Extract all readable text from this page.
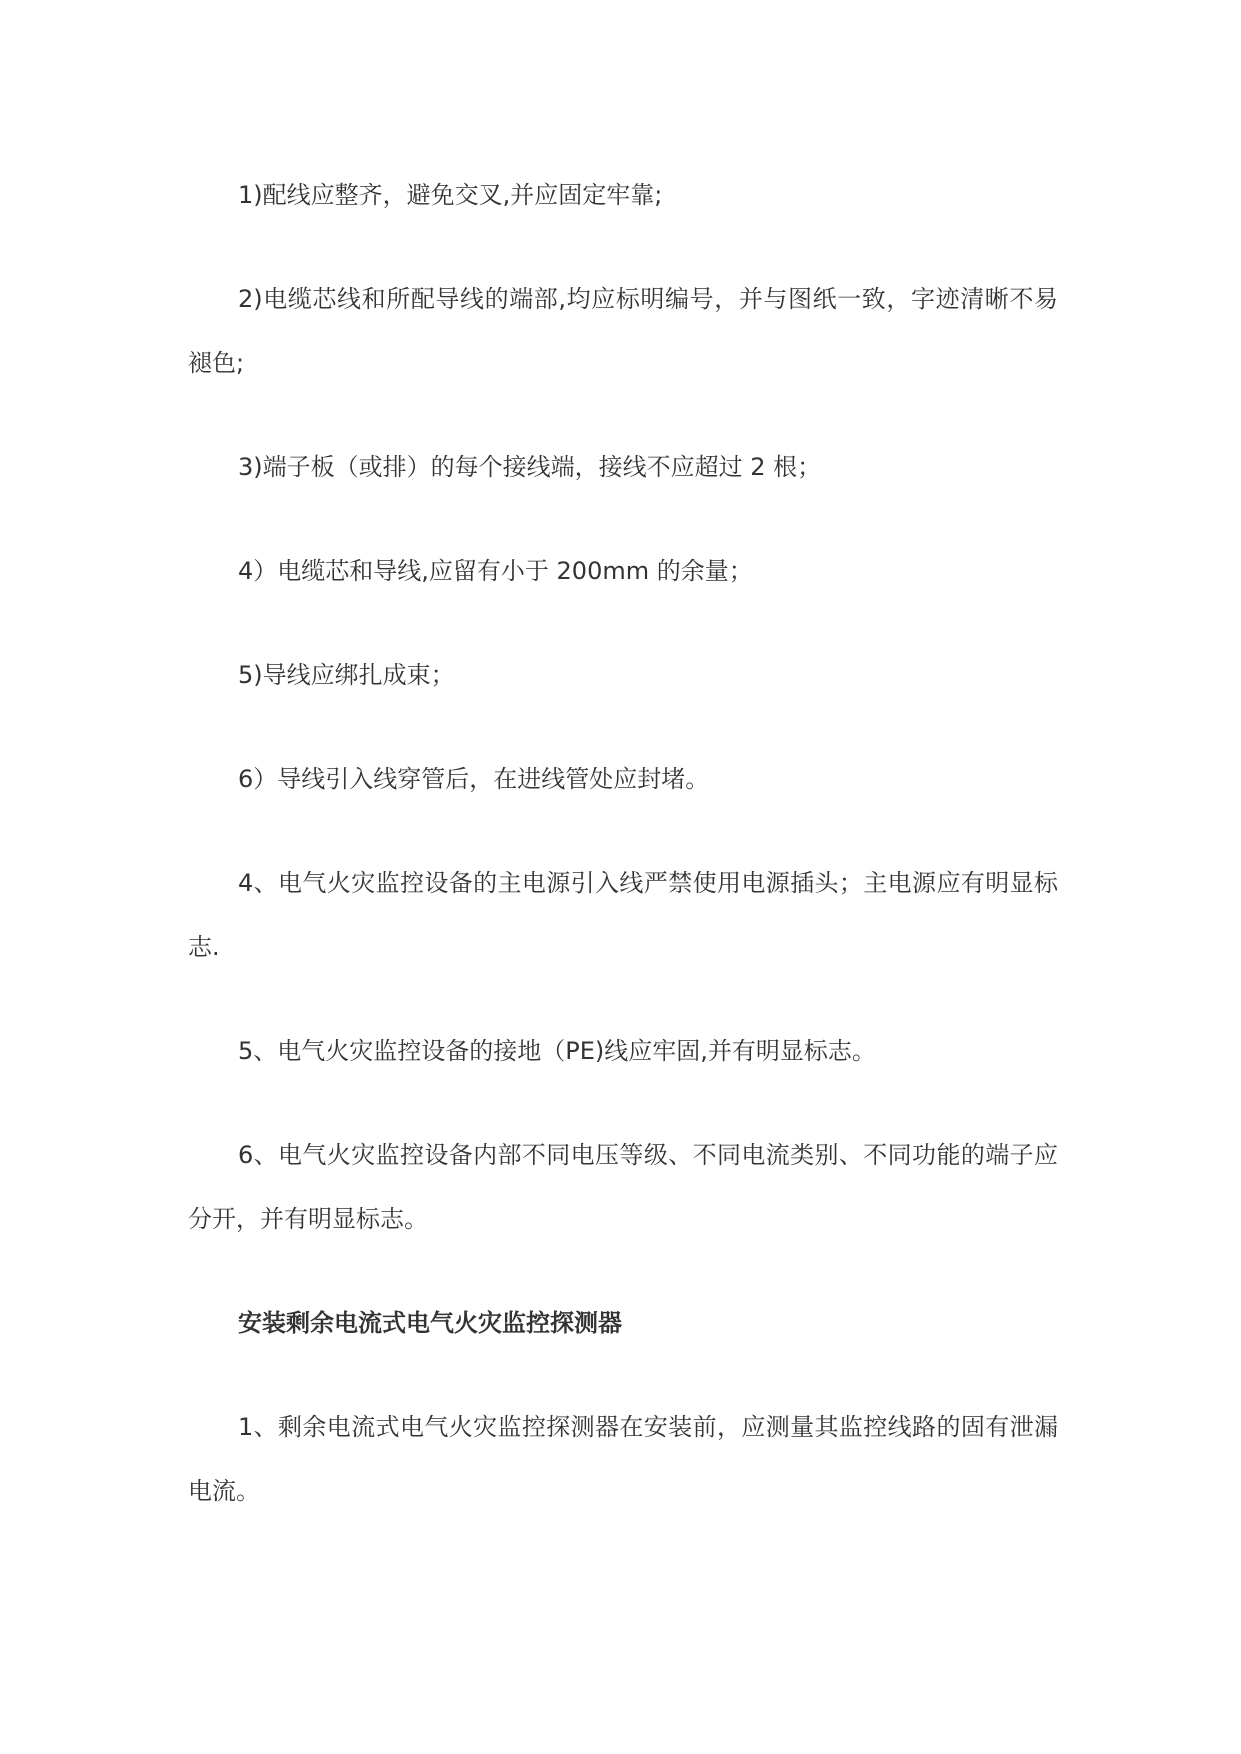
1)配线应整齐，避免交叉,并应固定牢靠;

2)电缆芯线和所配导线的端部,均应标明编号，并与图纸一致，字迹清晰不易褪色;

3)端子板（或排）的每个接线端，接线不应超过 2 根；

4）电缆芯和导线,应留有小于 200mm 的余量；

5)导线应绑扎成束；

6）导线引入线穿管后，在进线管处应封堵。

4、电气火灾监控设备的主电源引入线严禁使用电源插头；主电源应有明显标志.

5、电气火灾监控设备的接地（PE)线应牢固,并有明显标志。

6、电气火灾监控设备内部不同电压等级、不同电流类别、不同功能的端子应分开，并有明显标志。

安装剩余电流式电气火灾监控探测器

1、剩余电流式电气火灾监控探测器在安装前，应测量其监控线路的固有泄漏电流。
